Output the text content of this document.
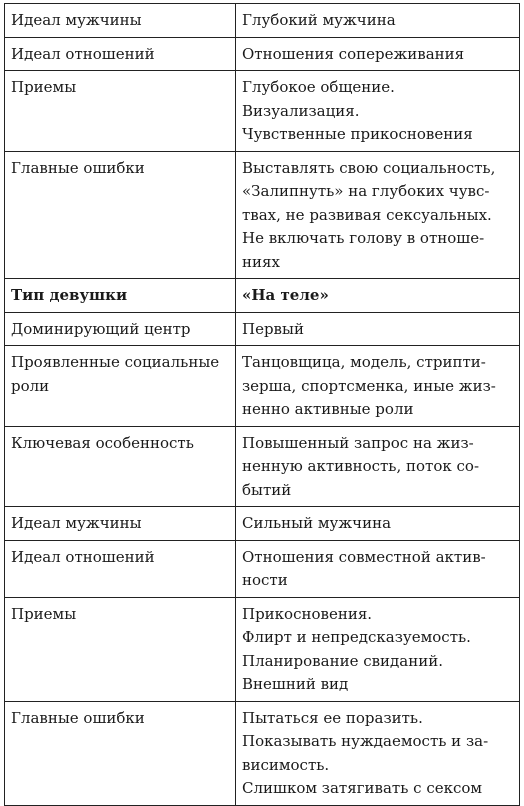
Идеал мужчины	Глубокий мужчина

Идеал отношений	Отношения сопереживания

Приемы	Глубокое общение.
Визуализация.
Чувственные прикосновения

Главные ошибки	Выставлять свою социальность,
«Залипнуть» на глубоких чувс-
твах, не развивая сексуальных.
Не включать голову в отноше-
ниях

Тип девушки	«На теле»

Доминирующий центр	Первый

Проявленные социальные
роли	Танцовщица, модель, стрипти-
зерша, спортсменка, иные жиз-
ненно активные роли

Ключевая особенность	Повышенный запрос на жиз-
ненную активность, поток со-
бытий

Идеал мужчины	Сильный мужчина

Идеал отношений	Отношения совместной актив-
ности

Приемы	Прикосновения.
Флирт и непредсказуемость.
Планирование свиданий.
Внешний вид

Главные ошибки	Пытаться ее поразить.
Показывать нуждаемость и за-
висимость.
Слишком затягивать с сексом
